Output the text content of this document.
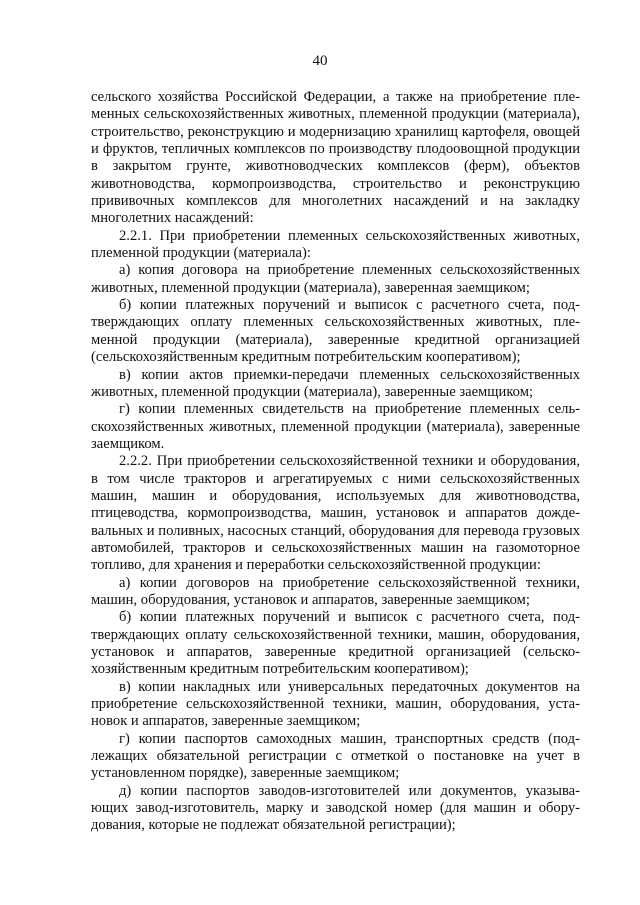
40

сельского хозяйства Российской Федерации, а также на приобретение племенных сельскохозяйственных животных, племенной продукции (материала), строительство, реконструкцию и модернизацию хранилищ картофеля, овощей и фруктов, тепличных комплексов по производству плодоовощной продукции в закрытом грунте, животноводческих комплексов (ферм), объектов животноводства, кормопроизводства, строительство и реконструкцию прививочных комплексов для многолетних насаждений и на закладку многолетних насаждений:

2.2.1. При приобретении племенных сельскохозяйственных животных, племенной продукции (материала):

а) копия договора на приобретение племенных сельскохозяйственных животных, племенной продукции (материала), заверенная заемщиком;

б) копии платежных поручений и выписок с расчетного счета, подтверждающих оплату племенных сельскохозяйственных животных, племенной продукции (материала), заверенные кредитной организацией (сельскохозяйственным кредитным потребительским кооперативом);

в) копии актов приемки-передачи племенных сельскохозяйственных животных, племенной продукции (материала), заверенные заемщиком;

г) копии племенных свидетельств на приобретение племенных сельскохозяйственных животных, племенной продукции (материала), заверенные заемщиком.

2.2.2. При приобретении сельскохозяйственной техники и оборудования, в том числе тракторов и агрегатируемых с ними сельскохозяйственных машин, машин и оборудования, используемых для животноводства, птицеводства, кормопроизводства, машин, установок и аппаратов дождевальных и поливных, насосных станций, оборудования для перевода грузовых автомобилей, тракторов и сельскохозяйственных машин на газомоторное топливо, для хранения и переработки сельскохозяйственной продукции:

а) копии договоров на приобретение сельскохозяйственной техники, машин, оборудования, установок и аппаратов, заверенные заемщиком;

б) копии платежных поручений и выписок с расчетного счета, подтверждающих оплату сельскохозяйственной техники, машин, оборудования, установок и аппаратов, заверенные кредитной организацией (сельскохозяйственным кредитным потребительским кооперативом);

в) копии накладных или универсальных передаточных документов на приобретение сельскохозяйственной техники, машин, оборудования, установок и аппаратов, заверенные заемщиком;

г) копии паспортов самоходных машин, транспортных средств (подлежащих обязательной регистрации с отметкой о постановке на учет в установленном порядке), заверенные заемщиком;

д) копии паспортов заводов-изготовителей или документов, указывающих завод-изготовитель, марку и заводской номер (для машин и оборудования, которые не подлежат обязательной регистрации);
